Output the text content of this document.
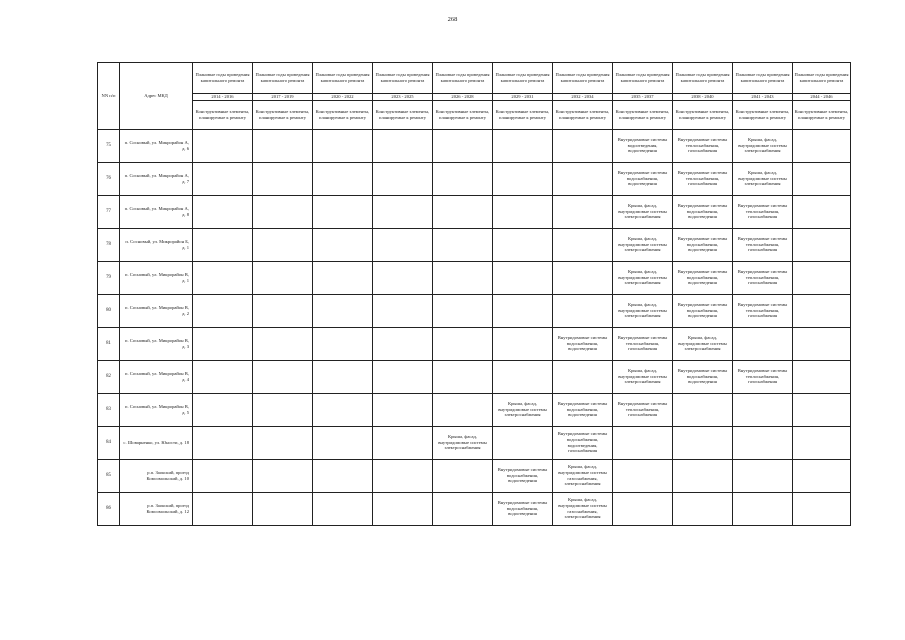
268
NN п/п	Адрес МКД	Плановые годы проведения капитального ремонта	Плановые годы проведения капитального ремонта	Плановые годы проведения капитального ремонта	Плановые годы проведения капитального ремонта	Плановые годы проведения капитального ремонта	Плановые годы проведения капитального ремонта	Плановые годы проведения капитального ремонта	Плановые годы проведения капитального ремонта	Плановые годы проведения капитального ремонта	Плановые годы проведения капитального ремонта	Плановые годы проведения капитального ремонта
		2014 - 2016	2017 - 2019	2020 - 2022	2023 - 2025	2026 - 2028	2029 - 2031	2032 - 2034	2035 - 2037	2038 - 2040	2041 - 2043	2044 - 2046
		Конструктивные элементы, планируемые к ремонту	Конструктивные элементы, планируемые к ремонту	Конструктивные элементы, планируемые к ремонту	Конструктивные элементы, планируемые к ремонту	Конструктивные элементы, планируемые к ремонту	Конструктивные элементы, планируемые к ремонту	Конструктивные элементы, планируемые к ремонту	Конструктивные элементы, планируемые к ремонту	Конструктивные элементы, планируемые к ремонту	Конструктивные элементы, планируемые к ремонту	Конструктивные элементы, планируемые к ремонту
75	п. Сосновый, ул. Микрорайон А, д. 6								Внутридомовые системы водоотведения, водоотведения	Внутридомовые системы теплоснабжения, газоснабжения	Крыша, фасад, внутридомовые системы электроснабжения	
76	п. Сосновый, ул. Микрорайон А, д. 7								Внутридомовые системы водоснабжения, водоотведения	Внутридомовые системы теплоснабжения, газоснабжения	Крыша, фасад, внутридомовые системы электроснабжения	
77	п. Сосновый, ул. Микрорайон А, д. 8								Крыша, фасад, внутридомовые системы электроснабжения	Внутридомовые системы водоснабжения, водоотведения	Внутридомовые системы теплоснабжения, газоснабжения	
78	п. Сосновый, ул. Микрорайон Б, д. 1								Крыша, фасад, внутридомовые системы электроснабжения	Внутридомовые системы водоснабжения, водоотведения	Внутридомовые системы теплоснабжения, газоснабжения	
79	п. Сосновый, ул. Микрорайон В, д. 1								Крыша, фасад, внутридомовые системы электроснабжения	Внутридомовые системы водоснабжения, водоотведения	Внутридомовые системы теплоснабжения, газоснабжения	
80	п. Сосновый, ул. Микрорайон В, д. 2								Крыша, фасад, внутридомовые системы электроснабжения	Внутридомовые системы водоснабжения, водоотведения	Внутридомовые системы теплоснабжения, газоснабжения	
81	п. Сосновый, ул. Микрорайон В, д. 3							Внутридомовые системы водоснабжения, водоотведения	Внутридомовые системы теплоснабжения, газоснабжения	Крыша, фасад, внутридомовые системы электроснабжения		
82	п. Сосновый, ул. Микрорайон В, д. 4								Крыша, фасад, внутридомовые системы электроснабжения	Внутридомовые системы водоснабжения, водоотведения	Внутридомовые системы теплоснабжения, газоснабжения	
83	п. Сосновый, ул. Микрорайон В, д. 5						Крыша, фасад, внутридомовые системы электроснабжения	Внутридомовые системы водоснабжения, водоотведения	Внутридомовые системы теплоснабжения, газоснабжения			
84	с. Шоварненко, ул. Юности, д. 18					Крыша, фасад, внутридомовые системы электроснабжения		Внутридомовые системы водоснабжения, водоотведения, газоснабжения				
85	р.п. Заокский, проезд Комсомольский, д. 10						Внутридомовые системы водоснабжения, водоотведения	Крыша, фасад, внутридомовые системы газоснабжения, электроснабжения				
86	р.п. Заокский, проезд Комсомольский, д. 12						Внутридомовые системы водоснабжения, водоотведения	Крыша, фасад, внутридомовые системы газоснабжения, электроснабжения				
